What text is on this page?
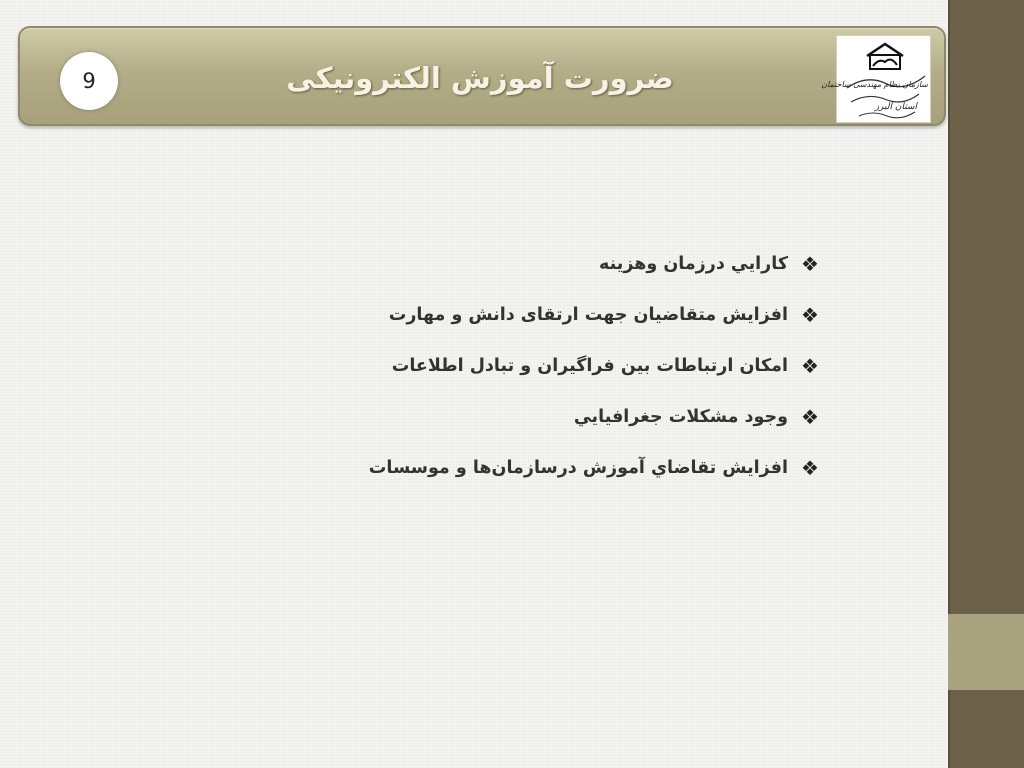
9	ضرورت آموزش الکترونیکی	سازمان نظام مهندسی ساختمان
استان البرز
❖
کارايي درزمان وهزينه
❖
افزایش متقاضیان جهت ارتقای دانش و مهارت
❖
امکان ارتباطات بین فراگیران و تبادل اطلاعات
❖
وجود مشکلات جغرافيايي
❖
افزايش تقاضاي آموزش درسازمان‌ها و موسسات
